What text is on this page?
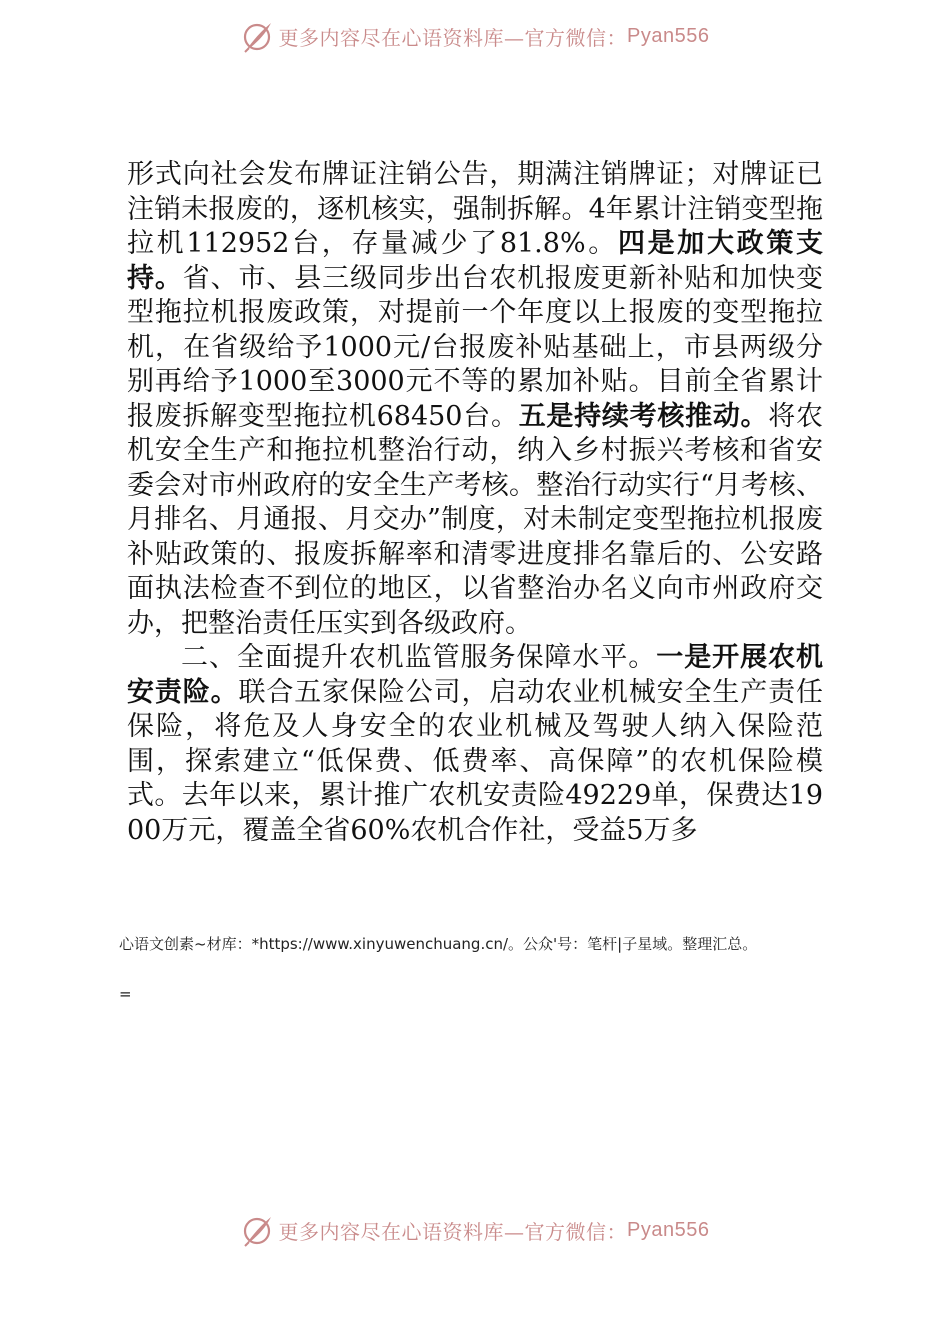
更多内容尽在心语资料库—官方微信： Pyan556

形式向社会发布牌证注销公告，期满注销牌证；对牌证已注销未报废的，逐机核实，强制拆解。4年累计注销变型拖拉机112952台，存量减少了81.8%。四是加大政策支持。省、市、县三级同步出台农机报废更新补贴和加快变型拖拉机报废政策，对提前一个年度以上报废的变型拖拉机，在省级给予1000元/台报废补贴基础上，市县两级分别再给予1000至3000元不等的累加补贴。目前全省累计报废拆解变型拖拉机68450台。五是持续考核推动。将农机安全生产和拖拉机整治行动，纳入乡村振兴考核和省安委会对市州政府的安全生产考核。整治行动实行“月考核、月排名、月通报、月交办”制度，对未制定变型拖拉机报废补贴政策的、报废拆解率和清零进度排名靠后的、公安路面执法检查不到位的地区，以省整治办名义向市州政府交办，把整治责任压实到各级政府。

二、全面提升农机监管服务保障水平。一是开展农机安责险。联合五家保险公司，启动农业机械安全生产责任保险，将危及人身安全的农业机械及驾驶人纳入保险范围，探索建立“低保费、低费率、高保障”的农机保险模式。去年以来，累计推广农机安责险49229单，保费达1900万元，覆盖全省60%农机合作社，受益5万多

心语文创素~材库：*https://www.xinyuwenchuang.cn/。公众'号：笔杆|子星域。整理汇总。
=
更多内容尽在心语资料库—官方微信： Pyan556
